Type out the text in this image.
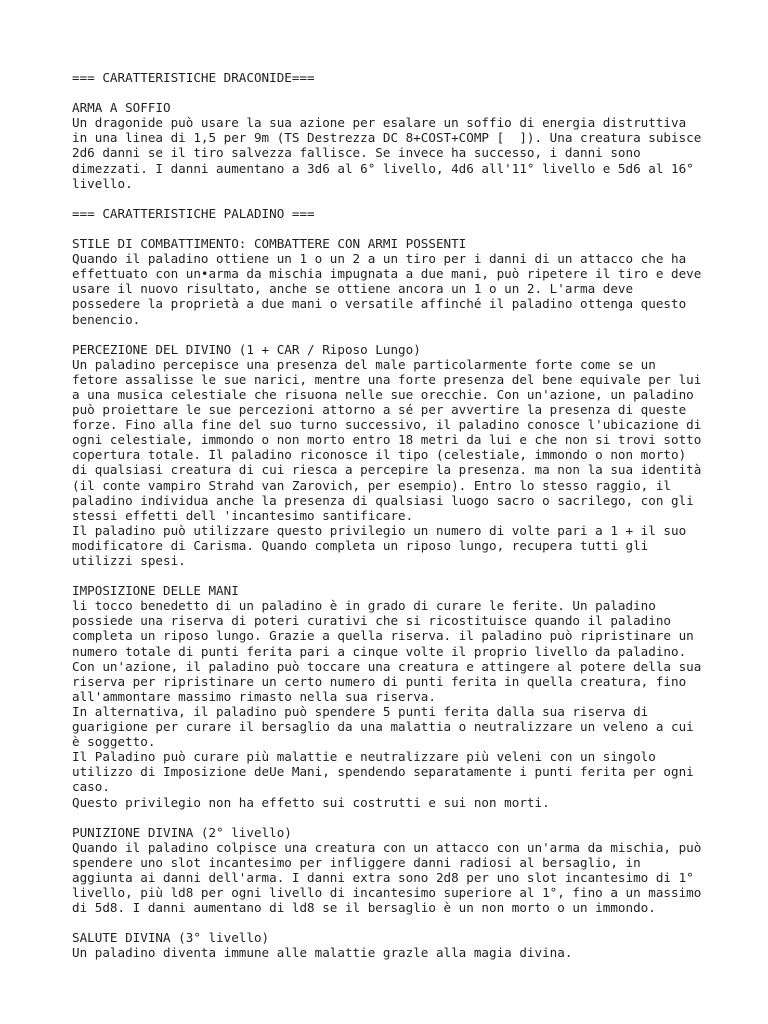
=== CARATTERISTICHE DRACONIDE===
ARMA A SOFFIO
Un dragonide può usare la sua azione per esalare un soffio di energia distruttiva
in una linea di 1,5 per 9m (TS Destrezza DC 8+COST+COMP [  ]). Una creatura subisce
2d6 danni se il tiro salvezza fallisce. Se invece ha successo, i danni sono
dimezzati. I danni aumentano a 3d6 al 6° livello, 4d6 all'11° livello e 5d6 al 16°
livello.
=== CARATTERISTICHE PALADINO ===
STILE DI COMBATTIMENTO: COMBATTERE CON ARMI POSSENTI
Quando il paladino ottiene un 1 o un 2 a un tiro per i danni di un attacco che ha
effettuato con un•arma da mischia impugnata a due mani, può ripetere il tiro e deve
usare il nuovo risultato, anche se ottiene ancora un 1 o un 2. L'arma deve
possedere la proprietà a due mani o versatile affinché il paladino ottenga questo
benencio.
PERCEZIONE DEL DIVINO (1 + CAR / Riposo Lungo)
Un paladino percepisce una presenza del male particolarmente forte come se un
fetore assalisse le sue narici, mentre una forte presenza del bene equivale per lui
a una musica celestiale che risuona nelle sue orecchie. Con un'azione, un paladino
può proiettare le sue percezioni attorno a sé per avvertire la presenza di queste
forze. Fino alla fine del suo turno successivo, il paladino conosce l'ubicazione di
ogni celestiale, immondo o non morto entro 18 metri da lui e che non si trovi sotto
copertura totale. Il paladino riconosce il tipo (celestiale, immondo o non morto)
di qualsiasi creatura di cui riesca a percepire la presenza. ma non la sua identità
(il conte vampiro Strahd van Zarovich, per esempio). Entro lo stesso raggio, il
paladino individua anche la presenza di qualsiasi luogo sacro o sacrilego, con gli
stessi effetti dell 'incantesimo santificare.
Il paladino può utilizzare questo privilegio un numero di volte pari a 1 + il suo
modificatore di Carisma. Quando completa un riposo lungo, recupera tutti gli
utilizzi spesi.
IMPOSIZIONE DELLE MANI
li tocco benedetto di un paladino è in grado di curare le ferite. Un paladino
possiede una riserva di poteri curativi che si ricostituisce quando il paladino
completa un riposo lungo. Grazie a quella riserva. il paladino può ripristinare un
numero totale di punti ferita pari a cinque volte il proprio livello da paladino.
Con un'azione, il paladino può toccare una creatura e attingere al potere della sua
riserva per ripristinare un certo numero di punti ferita in quella creatura, fino
all'ammontare massimo rimasto nella sua riserva.
In alternativa, il paladino può spendere 5 punti ferita dalla sua riserva di
guarigione per curare il bersaglio da una malattia o neutralizzare un veleno a cui
è soggetto.
Il Paladino può curare più malattie e neutralizzare più veleni con un singolo
utilizzo di Imposizione deUe Mani, spendendo separatamente i punti ferita per ogni
caso.
Questo privilegio non ha effetto sui costrutti e sui non morti.
PUNIZIONE DIVINA (2° livello)
Quando il paladino colpisce una creatura con un attacco con un'arma da mischia, può
spendere uno slot incantesimo per infliggere danni radiosi al bersaglio, in
aggiunta ai danni dell'arma. I danni extra sono 2d8 per uno slot incantesimo di 1°
livello, più ld8 per ogni livello di incantesimo superiore al 1°, fino a un massimo
di 5d8. I danni aumentano di ld8 se il bersaglio è un non morto o un immondo.
SALUTE DIVINA (3° livello)
Un paladino diventa immune alle malattie grazle alla magia divina.
